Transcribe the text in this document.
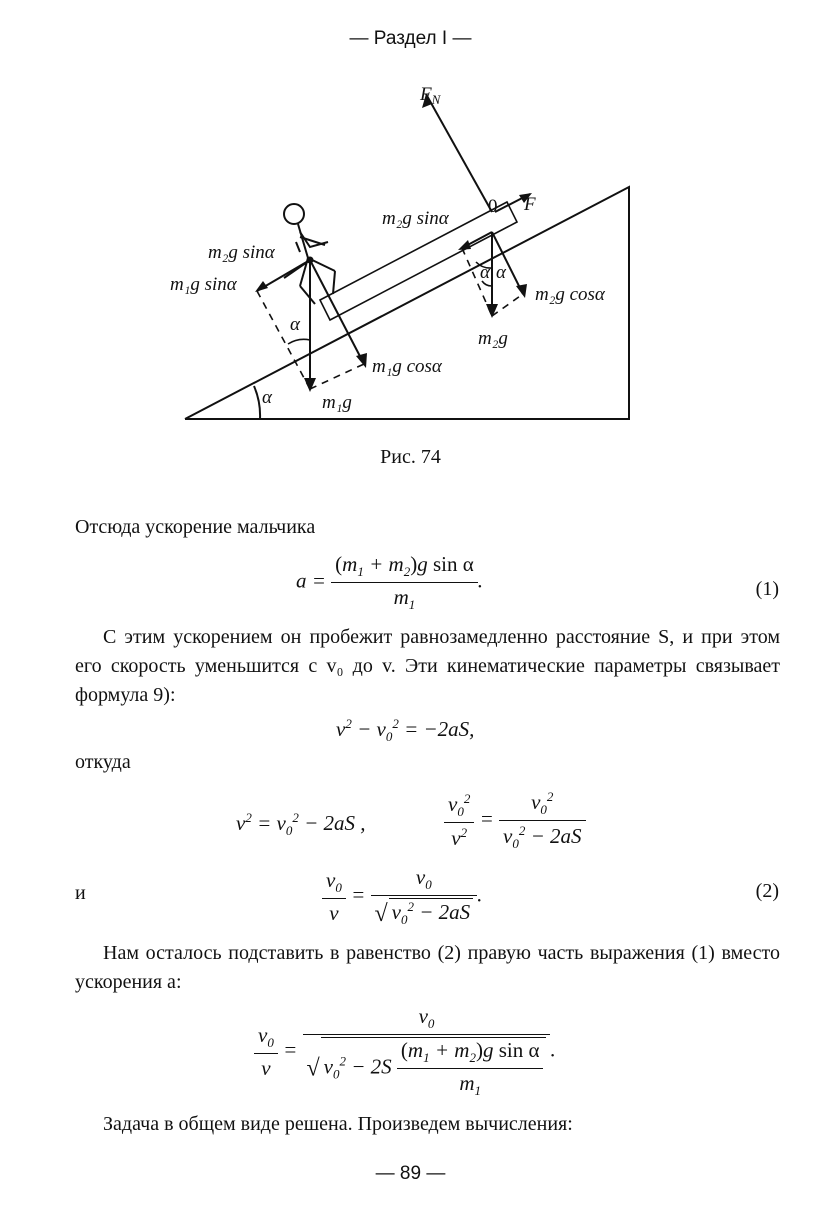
— Раздел I —
$F_N$
F
0
m₂g sinα
m₂g sinα
m₁g sinα	m₂g cosα
m₂g
m₁g cosα
m₁g
α
α α
α
Рис. 74
Отсюда ускорение мальчика
$a = \frac{(m_1 + m_2)g \sin \alpha}{m_1}$ .	(1)
С этим ускорением он пробежит равнозамедленно расстояние S, и при этом его скорость уменьшится с v₀ до v. Эти кинематические параметры связывает формула 9):
$v^2 - v_0^2 = -2aS$,
откуда
$v^2 = v_0^2 - 2aS$ ,	$\frac{v_0^2}{v^2} = \frac{v_0^2}{v_0^2 - 2aS}$
и	$\frac{v_0}{v} = \frac{v_0}{√ v_0^2 - 2aS}$ .	(2)
Нам осталось подставить в равенство (2) правую часть выражения (1) вместо ускорения a:
$\frac{v_0}{v} = \frac{v_0}{√ v_0^2 - 2S \frac{(m_1 + m_2)g \sin \alpha}{m_1}}$ .
Задача в общем виде решена. Произведем вычисления:
— 89 —
